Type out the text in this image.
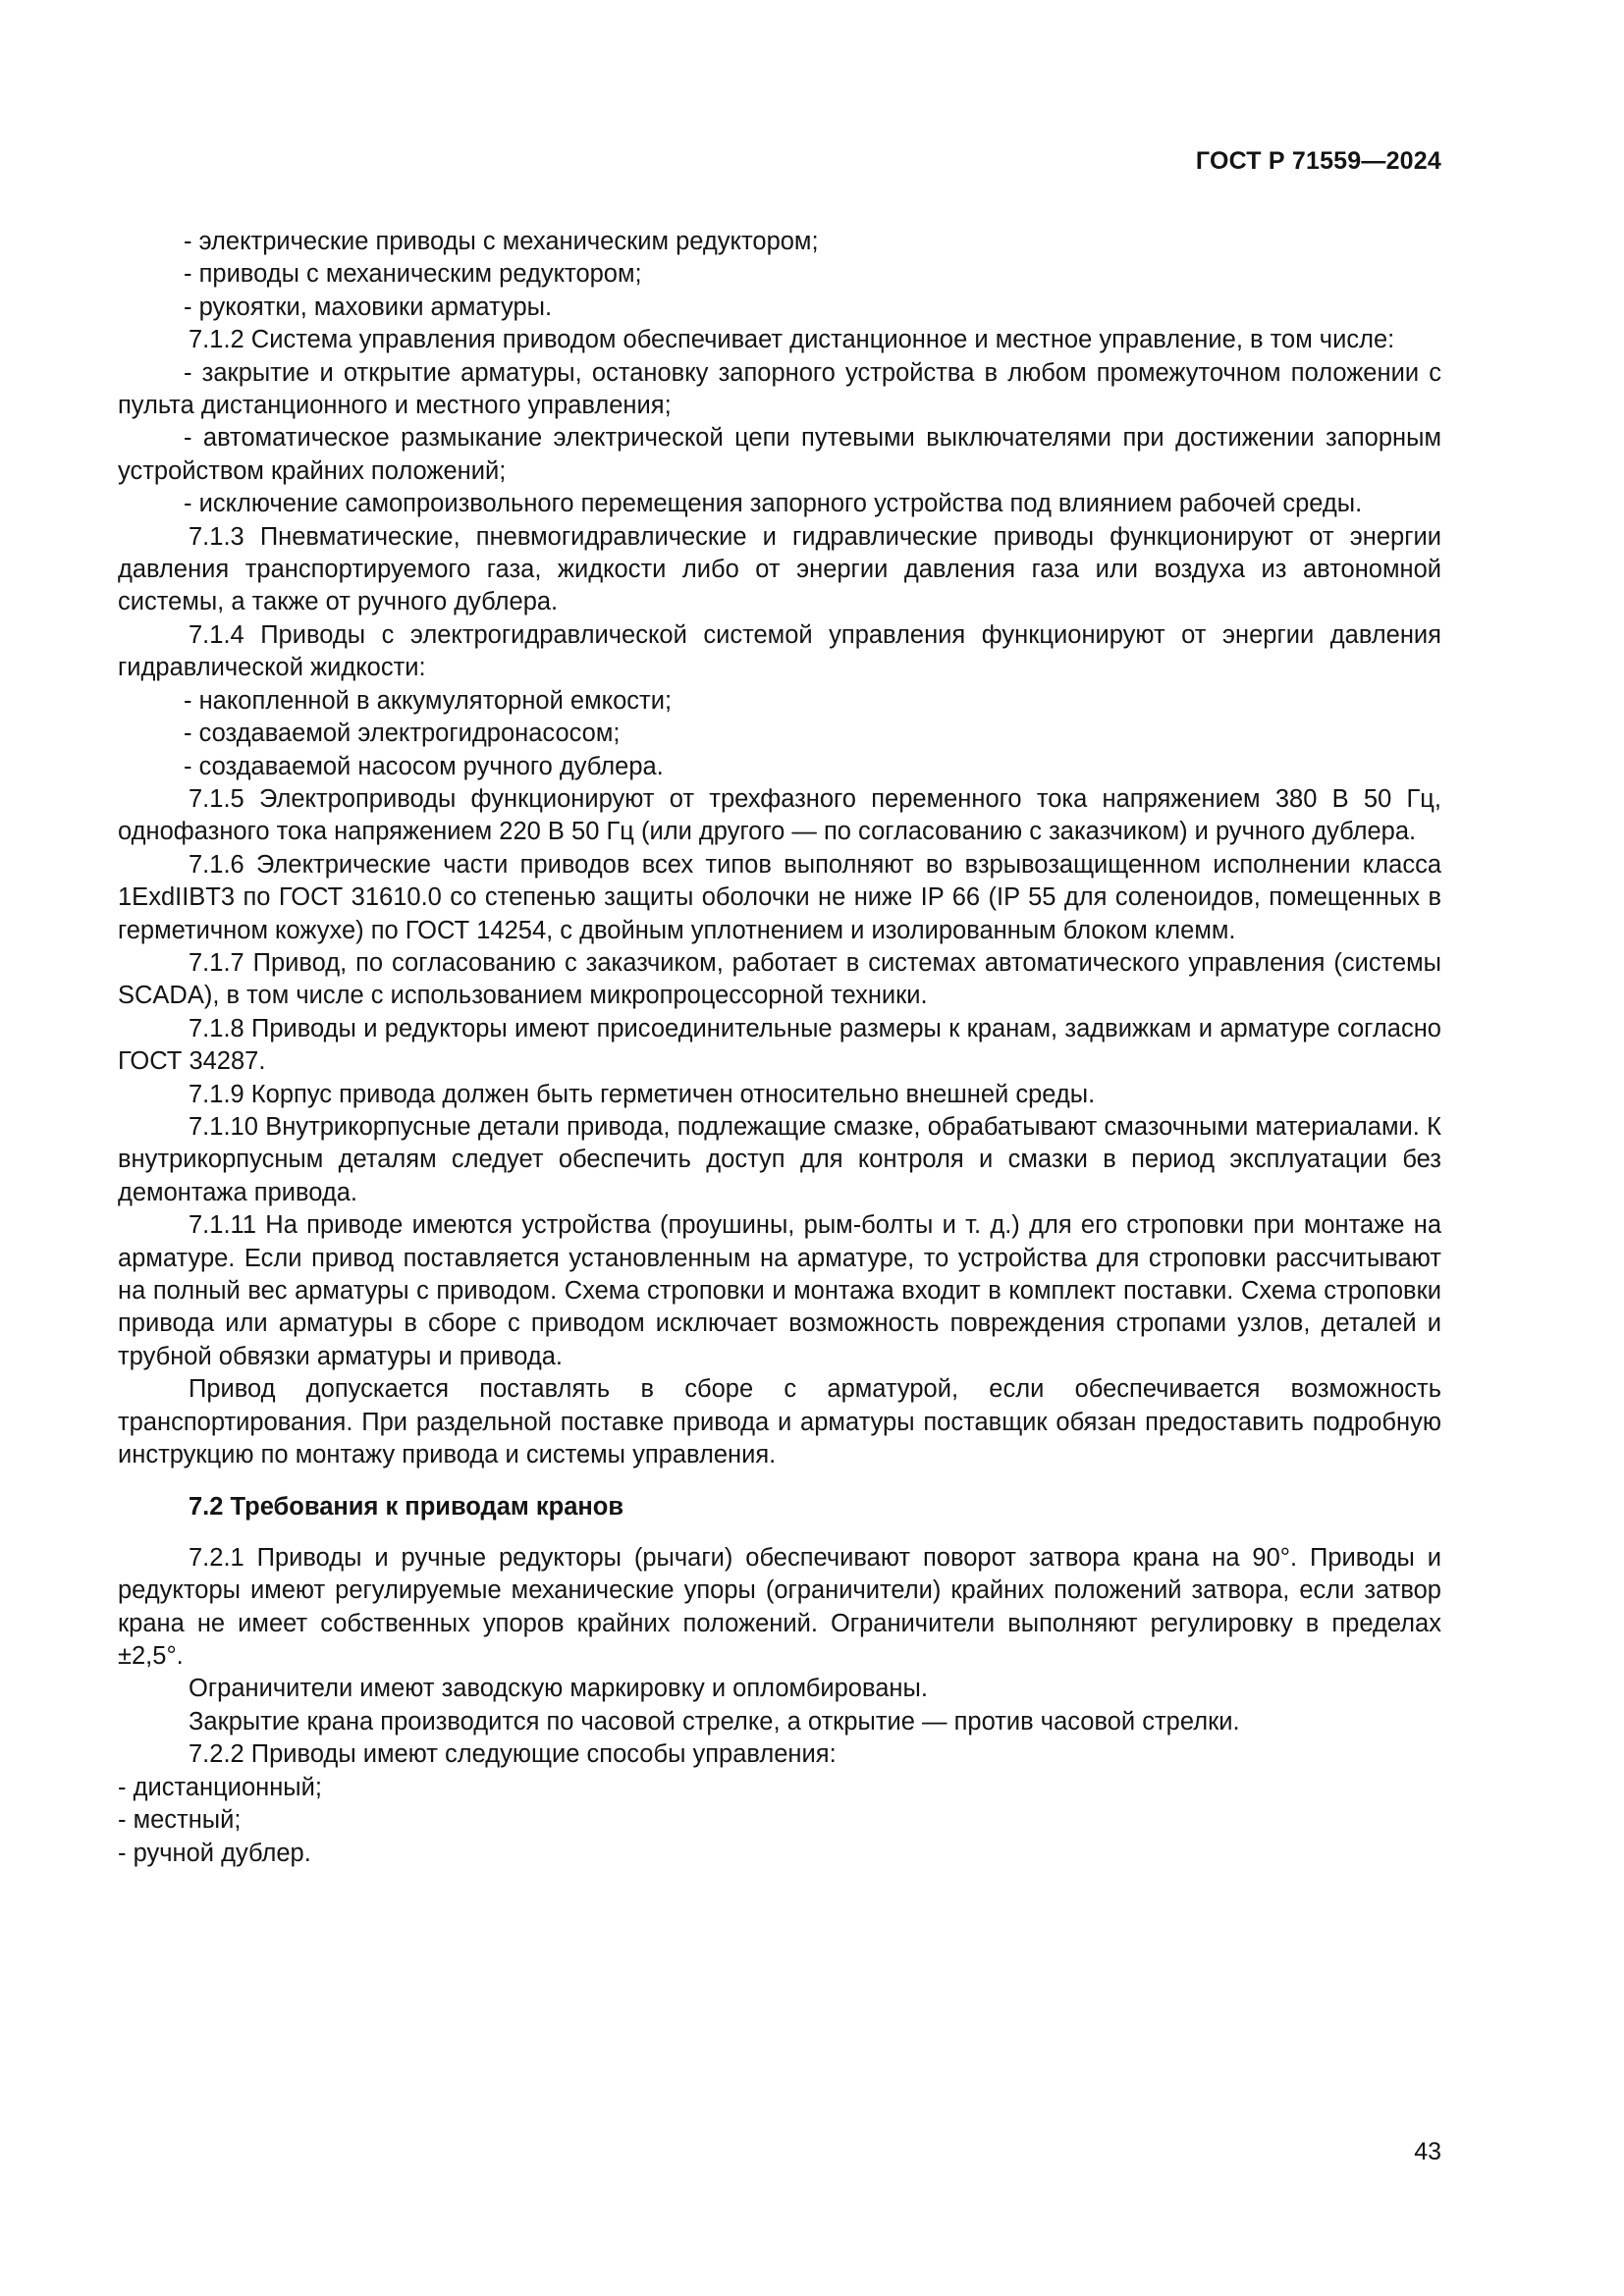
ГОСТ Р 71559—2024

- электрические приводы с механическим редуктором;

- приводы с механическим редуктором;

- рукоятки, маховики арматуры.

7.1.2 Система управления приводом обеспечивает дистанционное и местное управление, в том числе:

- закрытие и открытие арматуры, остановку запорного устройства в любом промежуточном положении с пульта дистанционного и местного управления;

- автоматическое размыкание электрической цепи путевыми выключателями при достижении запорным устройством крайних положений;

- исключение самопроизвольного перемещения запорного устройства под влиянием рабочей среды.

7.1.3 Пневматические, пневмогидравлические и гидравлические приводы функционируют от энергии давления транспортируемого газа, жидкости либо от энергии давления газа или воздуха из автономной системы, а также от ручного дублера.

7.1.4 Приводы с электрогидравлической системой управления функционируют от энергии давления гидравлической жидкости:

- накопленной в аккумуляторной емкости;

- создаваемой электрогидронасосом;

- создаваемой насосом ручного дублера.

7.1.5 Электроприводы функционируют от трехфазного переменного тока напряжением 380 В 50 Гц, однофазного тока напряжением 220 В 50 Гц (или другого — по согласованию с заказчиком) и ручного дублера.

7.1.6 Электрические части приводов всех типов выполняют во взрывозащищенном исполнении класса 1ExdIIBT3 по ГОСТ 31610.0 со степенью защиты оболочки не ниже IP 66 (IP 55 для соленоидов, помещенных в герметичном кожухе) по ГОСТ 14254, с двойным уплотнением и изолированным блоком клемм.

7.1.7 Привод, по согласованию с заказчиком, работает в системах автоматического управления (системы SCADA), в том числе с использованием микропроцессорной техники.

7.1.8 Приводы и редукторы имеют присоединительные размеры к кранам, задвижкам и арматуре согласно ГОСТ 34287.

7.1.9 Корпус привода должен быть герметичен относительно внешней среды.

7.1.10 Внутрикорпусные детали привода, подлежащие смазке, обрабатывают смазочными материалами. К внутрикорпусным деталям следует обеспечить доступ для контроля и смазки в период эксплуатации без демонтажа привода.

7.1.11 На приводе имеются устройства (проушины, рым-болты и т. д.) для его строповки при монтаже на арматуре. Если привод поставляется установленным на арматуре, то устройства для строповки рассчитывают на полный вес арматуры с приводом. Схема строповки и монтажа входит в комплект поставки. Схема строповки привода или арматуры в сборе с приводом исключает возможность повреждения стропами узлов, деталей и трубной обвязки арматуры и привода.

Привод допускается поставлять в сборе с арматурой, если обеспечивается возможность транспортирования. При раздельной поставке привода и арматуры поставщик обязан предоставить подробную инструкцию по монтажу привода и системы управления.

7.2 Требования к приводам кранов

7.2.1 Приводы и ручные редукторы (рычаги) обеспечивают поворот затвора крана на 90°. Приводы и редукторы имеют регулируемые механические упоры (ограничители) крайних положений затвора, если затвор крана не имеет собственных упоров крайних положений. Ограничители выполняют регулировку в пределах ±2,5°.

Ограничители имеют заводскую маркировку и опломбированы.

Закрытие крана производится по часовой стрелке, а открытие — против часовой стрелки.

7.2.2 Приводы имеют следующие способы управления:

- дистанционный;

- местный;

- ручной дублер.

43
